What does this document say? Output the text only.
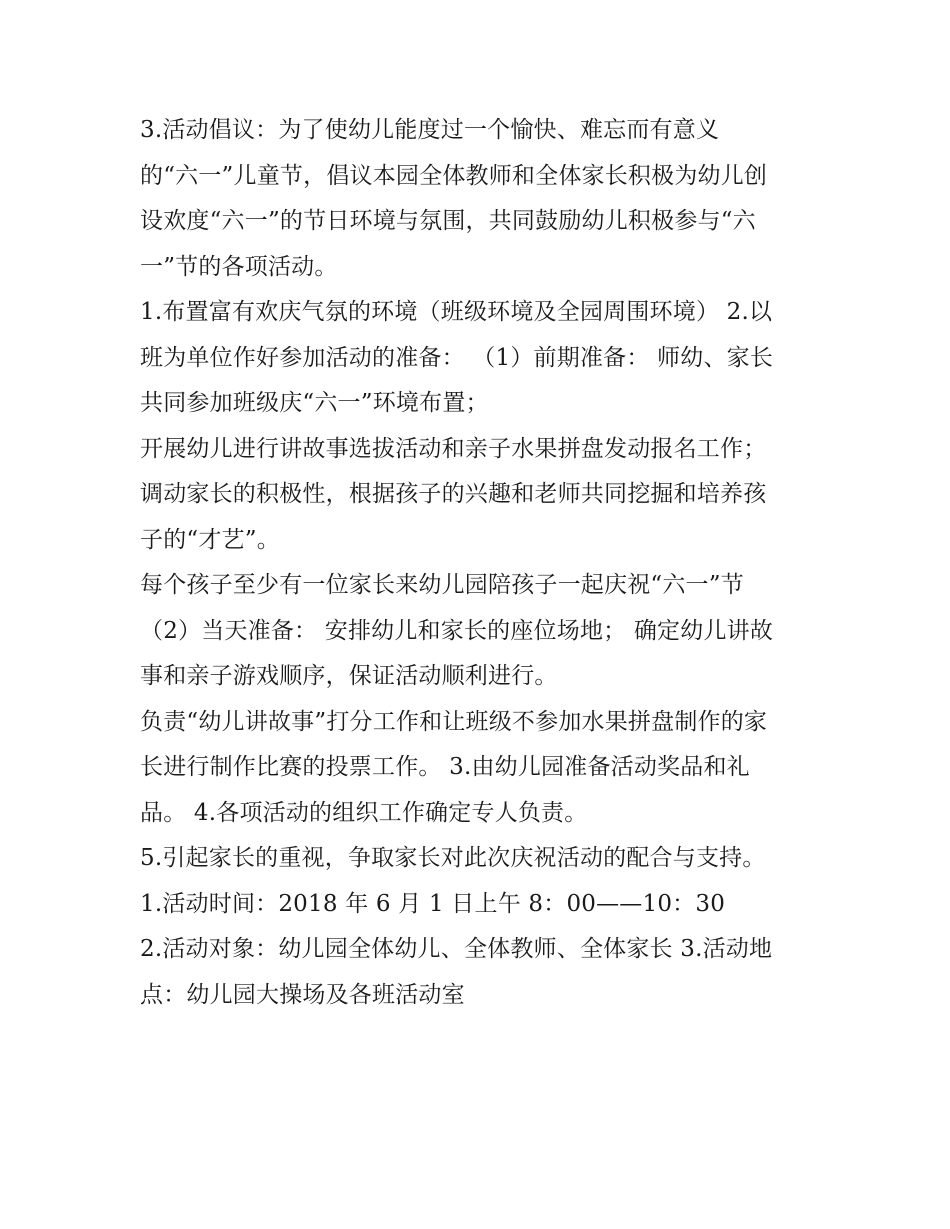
3.活动倡议：为了使幼儿能度过一个愉快、难忘而有意义
的“六一”儿童节，倡议本园全体教师和全体家长积极为幼儿创
设欢度“六一”的节日环境与氛围，共同鼓励幼儿积极参与“六
一”节的各项活动。
1.布置富有欢庆气氛的环境（班级环境及全园周围环境） 2.以
班为单位作好参加活动的准备： （1）前期准备： 师幼、家长
共同参加班级庆“六一”环境布置；
开展幼儿进行讲故事选拔活动和亲子水果拼盘发动报名工作；
调动家长的积极性，根据孩子的兴趣和老师共同挖掘和培养孩
子的“才艺”。
每个孩子至少有一位家长来幼儿园陪孩子一起庆祝“六一”节
（2）当天准备： 安排幼儿和家长的座位场地； 确定幼儿讲故
事和亲子游戏顺序，保证活动顺利进行。
负责“幼儿讲故事”打分工作和让班级不参加水果拼盘制作的家
长进行制作比赛的投票工作。 3.由幼儿园准备活动奖品和礼
品。 4.各项活动的组织工作确定专人负责。
5.引起家长的重视，争取家长对此次庆祝活动的配合与支持。
1.活动时间：2018 年 6 月 1 日上午 8：00——10：30
2.活动对象：幼儿园全体幼儿、全体教师、全体家长 3.活动地
点：幼儿园大操场及各班活动室
